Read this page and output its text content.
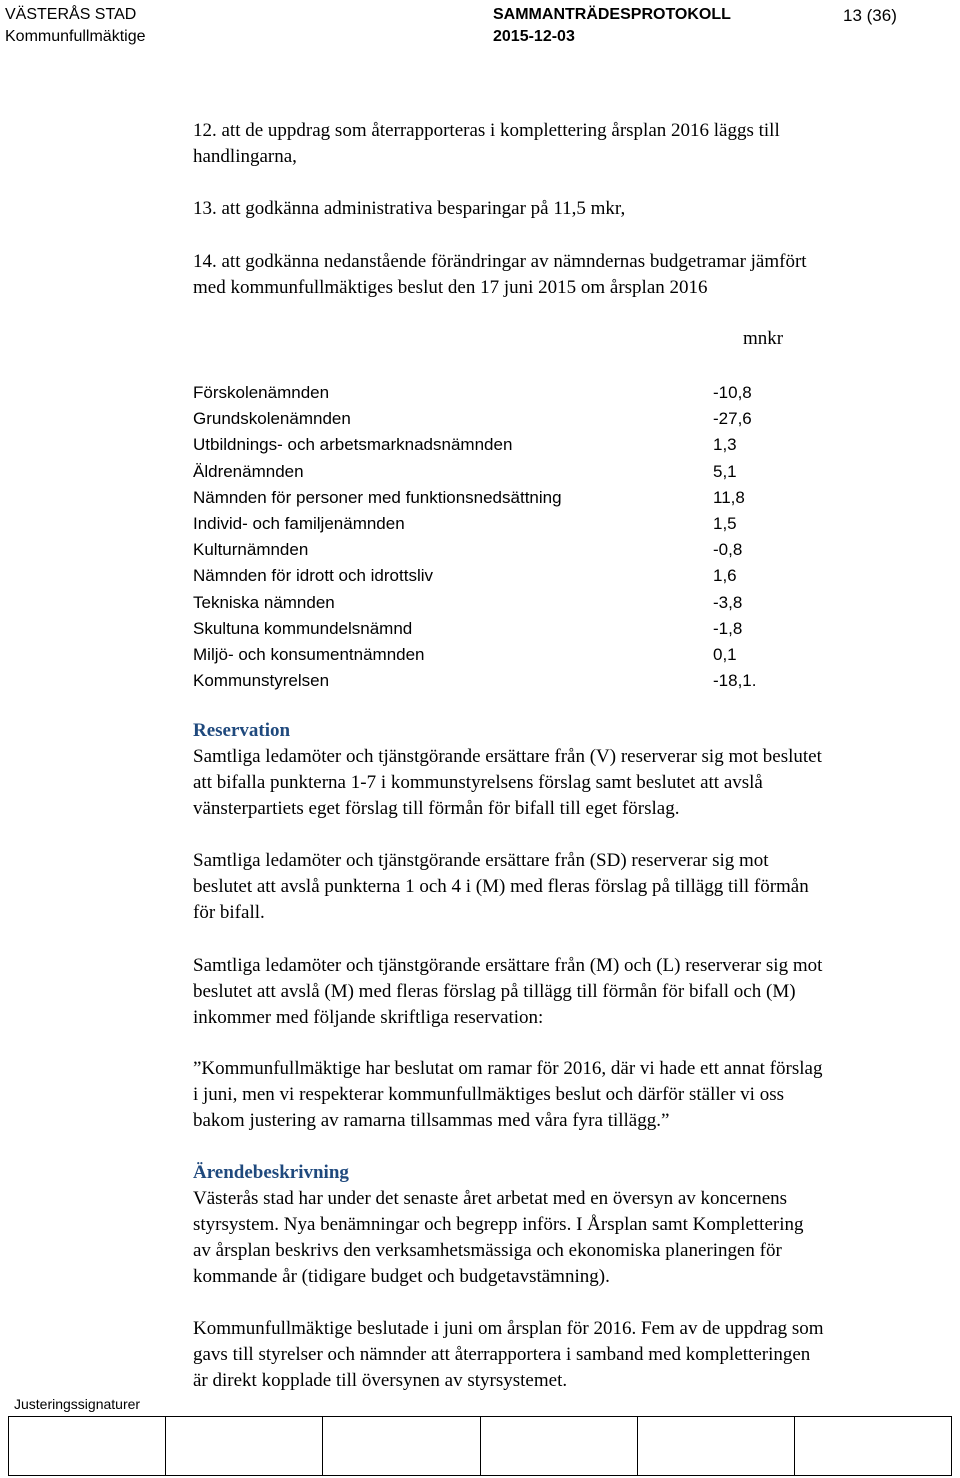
VÄSTERÅS STAD
Kommunfullmäktige
SAMMANTRÄDESPROTOKOLL
2015-12-03
13 (36)
12. att de uppdrag som återrapporteras i komplettering årsplan 2016 läggs till
handlingarna,
13. att godkänna administrativa besparingar på 11,5 mkr,
14. att godkänna nedanstående förändringar av nämndernas budgetramar jämfört
med kommunfullmäktiges beslut den 17 juni 2015 om årsplan 2016
mnkr
Förskolenämnden	-10,8
Grundskolenämnden	-27,6
Utbildnings- och arbetsmarknadsnämnden	1,3
Äldrenämnden	5,1
Nämnden för personer med funktionsnedsättning	11,8
Individ- och familjenämnden	1,5
Kulturnämnden	-0,8
Nämnden för idrott och idrottsliv	1,6
Tekniska nämnden	-3,8
Skultuna kommundelsnämnd	-1,8
Miljö- och konsumentnämnden	0,1
Kommunstyrelsen	-18,1.
Reservation
Samtliga ledamöter och tjänstgörande ersättare från (V) reserverar sig mot beslutet
att bifalla punkterna 1-7 i kommunstyrelsens förslag samt beslutet att avslå
vänsterpartiets eget förslag till förmån för bifall till eget förslag.
Samtliga ledamöter och tjänstgörande ersättare från (SD) reserverar sig mot
beslutet att avslå punkterna 1 och 4 i (M) med fleras förslag på tillägg till förmån
för bifall.
Samtliga ledamöter och tjänstgörande ersättare från (M) och (L) reserverar sig mot
beslutet att avslå (M) med fleras förslag på tillägg till förmån för bifall och (M)
inkommer med följande skriftliga reservation:
”Kommunfullmäktige har beslutat om ramar för 2016, där vi hade ett annat förslag
i juni, men vi respekterar kommunfullmäktiges beslut och därför ställer vi oss
bakom justering av ramarna tillsammas med våra fyra tillägg.”
Ärendebeskrivning
Västerås stad har under det senaste året arbetat med en översyn av koncernens
styrsystem. Nya benämningar och begrepp införs. I Årsplan samt Komplettering
av årsplan beskrivs den verksamhetsmässiga och ekonomiska planeringen för
kommande år (tidigare budget och budgetavstämning).
Kommunfullmäktige beslutade i juni om årsplan för 2016. Fem av de uppdrag som
gavs till styrelser och nämnder att återrapportera i samband med kompletteringen
är direkt kopplade till översynen av styrsystemet.
Justeringssignaturer
